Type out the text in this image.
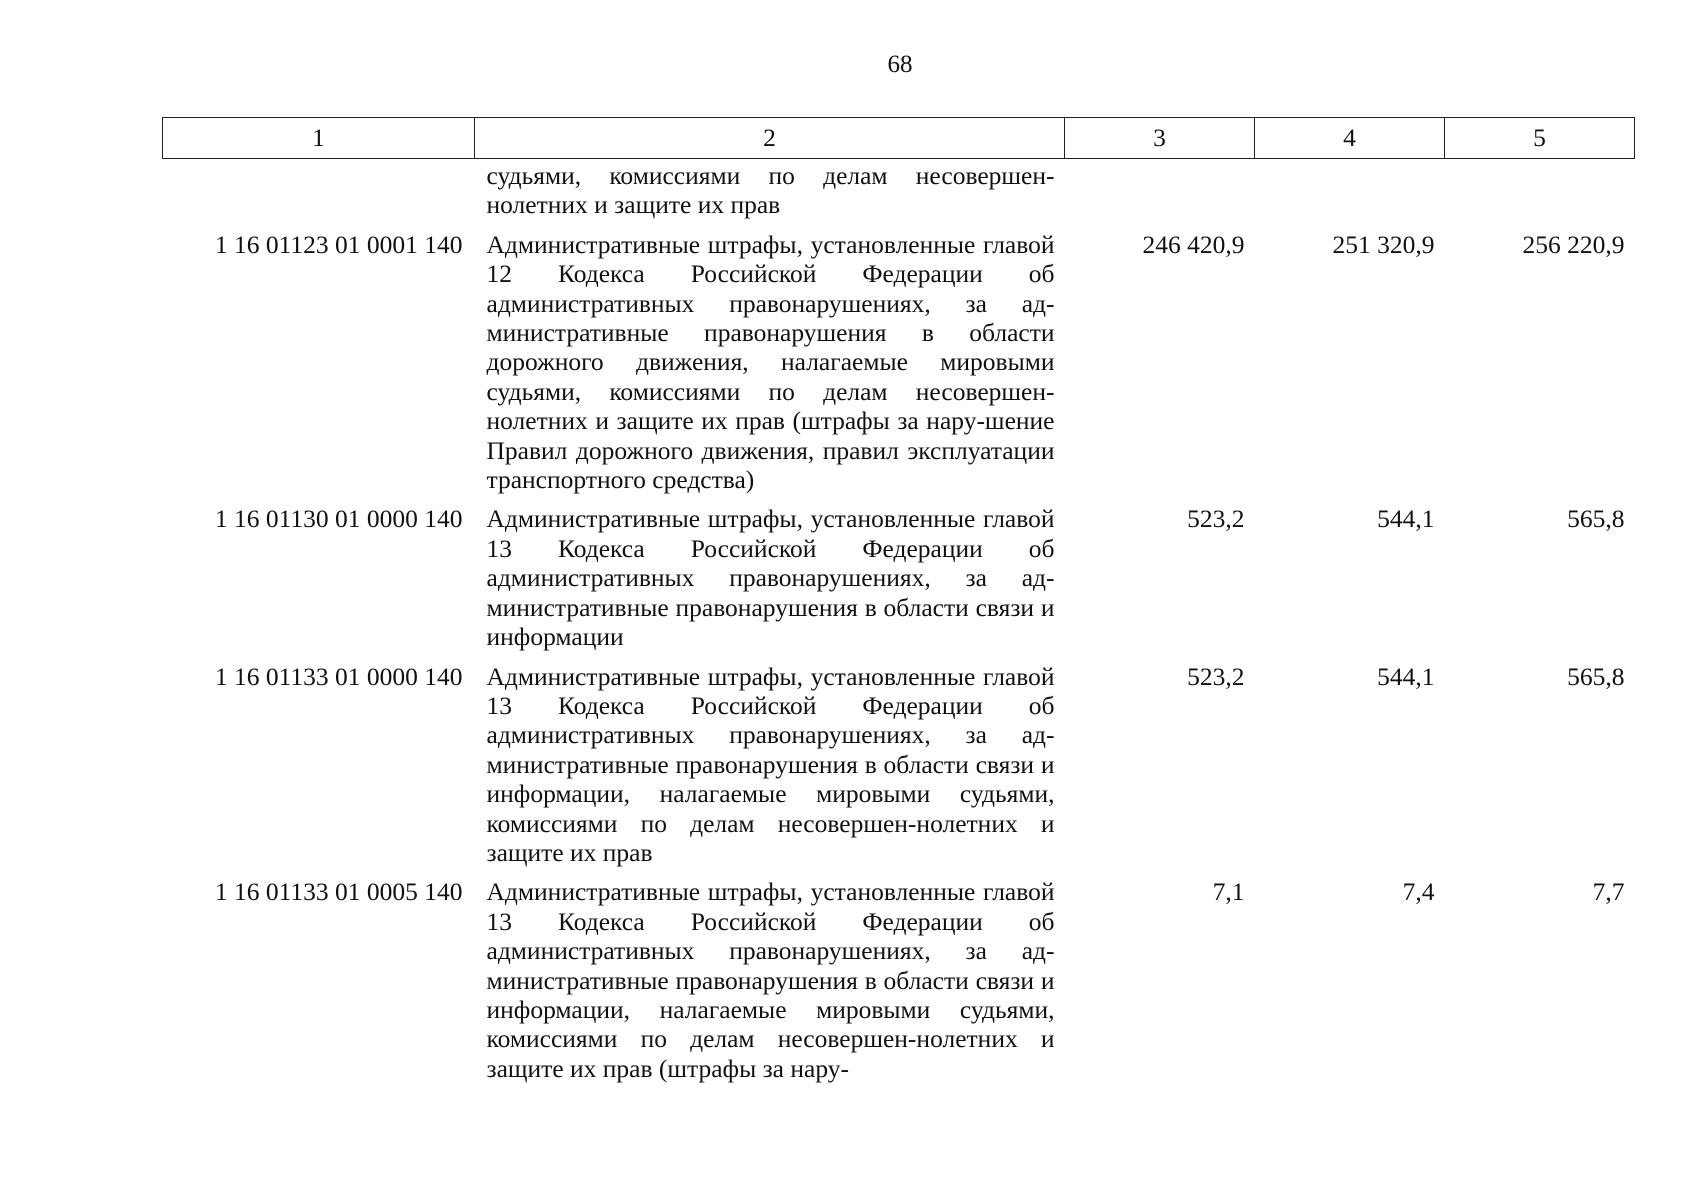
68
1	2	3	4	5
	судьями, комиссиями по делам несовершен-нолетних и защите их прав			
1 16 01123 01 0001 140	Административные штрафы, установленные главой 12 Кодекса Российской Федерации об административных правонарушениях, за ад-министративные правонарушения в области дорожного движения, налагаемые мировыми судьями, комиссиями по делам несовершен-нолетних и защите их прав (штрафы за нару-шение Правил дорожного движения, правил эксплуатации транспортного средства)	246 420,9	251 320,9	256 220,9
1 16 01130 01 0000 140	Административные штрафы, установленные главой 13 Кодекса Российской Федерации об административных правонарушениях, за ад-министративные правонарушения в области связи и информации	523,2	544,1	565,8
1 16 01133 01 0000 140	Административные штрафы, установленные главой 13 Кодекса Российской Федерации об административных правонарушениях, за ад-министративные правонарушения в области связи и информации, налагаемые мировыми судьями, комиссиями по делам несовершен-нолетних и защите их прав	523,2	544,1	565,8
1 16 01133 01 0005 140	Административные штрафы, установленные главой 13 Кодекса Российской Федерации об административных правонарушениях, за ад-министративные правонарушения в области связи и информации, налагаемые мировыми судьями, комиссиями по делам несовершен-нолетних и защите их прав (штрафы за нару-	7,1	7,4	7,7
